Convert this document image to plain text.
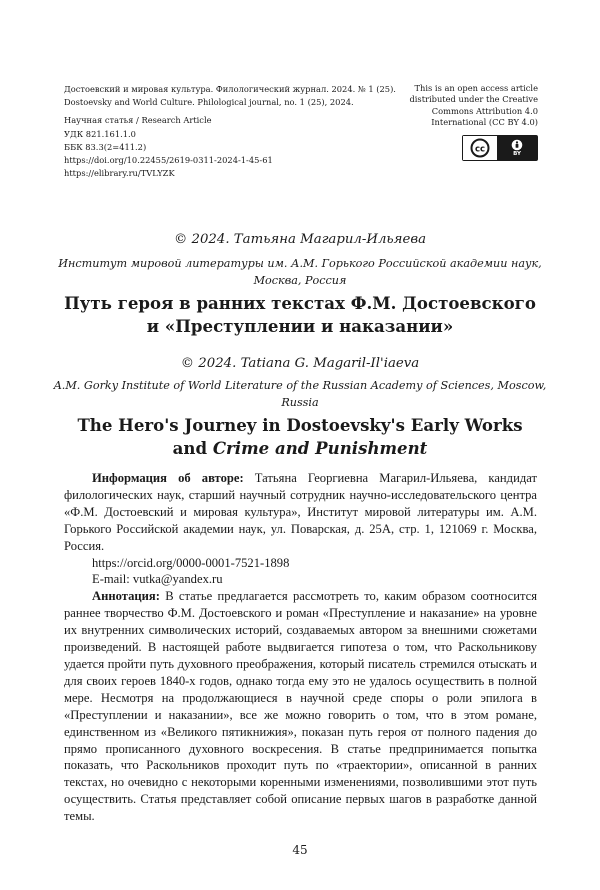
Достоевский и мировая культура. Филологический журнал. 2024. № 1 (25).
Dostoevsky and World Culture. Philological journal, no. 1 (25), 2024.
Научная статья / Research Article
УДК 821.161.1.0
ББК 83.3(2=411.2)
https://doi.org/10.22455/2619-0311-2024-1-45-61
https://elibrary.ru/TVLYZK
This is an open access article
distributed under the Creative
Commons Attribution 4.0
International (CC BY 4.0)
cc	BY
© 2024. Татьяна Магарил-Ильяева
Институт мировой литературы им. А.М. Горького Российской академии наук,
Москва, Россия
Путь героя в ранних текстах Ф.М. Достоевского
и «Преступлении и наказании»
© 2024. Tatiana G. Magaril-Il'iaeva
A.M. Gorky Institute of World Literature of the Russian Academy of Sciences, Moscow,
Russia
The Hero's Journey in Dostoevsky's Early Works
and Crime and Punishment

Информация об авторе: Татьяна Георгиевна Магарил-Ильяева, кандидат филологических наук, старший научный сотрудник научно-исследовательского центра «Ф.М. Достоевский и мировая культура», Институт мировой литературы им. А.М. Горького Российской академии наук, ул. Поварская, д. 25А, стр. 1, 121069 г. Москва, Россия.

https://orcid.org/0000-0001-7521-1898

E-mail: vutka@yandex.ru

Аннотация: В статье предлагается рассмотреть то, каким образом соотносится раннее творчество Ф.М. Достоевского и роман «Преступление и наказание» на уровне их внутренних символических историй, создаваемых автором за внешними сюжетами произведений. В настоящей работе выдвигается гипотеза о том, что Раскольникову удается пройти путь духовного преображения, который писатель стремился отыскать и для своих героев 1840-х годов, однако тогда ему это не удалось осуществить в полной мере. Несмотря на продолжающиеся в научной среде споры о роли эпилога в «Преступлении и наказании», все же можно говорить о том, что в этом романе, единственном из «Великого пятикнижия», показан путь героя от полного падения до прямо прописанного духовного воскресения. В статье предпринимается попытка показать, что Раскольников проходит путь по «траектории», описанной в ранних текстах, но очевидно с некоторыми коренными изменениями, позволившими этот путь осуществить. Статья представляет собой описание первых шагов в разработке данной темы.

45
